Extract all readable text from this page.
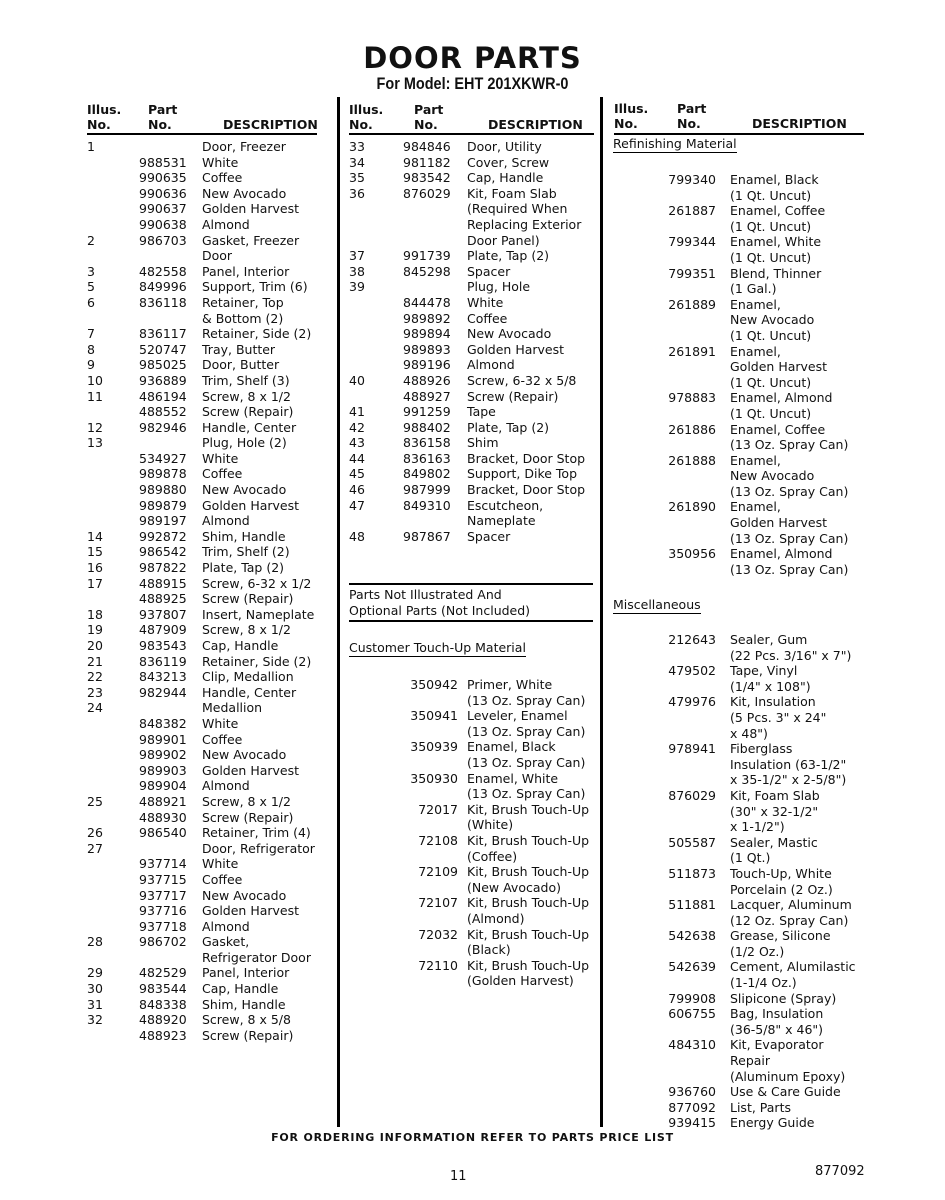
DOOR PARTS
For Model: EHT 201XKWR-0
Illus.
No.
Part
No.	DESCRIPTION
1	Door, Freezer
988531 White
990635 Coffee
990636 New Avocado
990637 Golden Harvest
990638 Almond
2	986703 Gasket, Freezer
Door
3	482558 Panel, Interior
5	849996 Support, Trim (6)
6	836118 Retainer, Top
& Bottom (2)
7	836117 Retainer, Side (2)
8	520747 Tray, Butter
9	985025 Door, Butter
10	936889 Trim, Shelf (3)
11	486194 Screw, 8 x 1/2
488552 Screw (Repair)
12	982946 Handle, Center
13	Plug, Hole (2)
534927 White
989878 Coffee
989880 New Avocado
989879 Golden Harvest
989197 Almond
14	992872 Shim, Handle
15	986542 Trim, Shelf (2)
16	987822 Plate, Tap (2)
17	488915 Screw, 6-32 x 1/2
488925 Screw (Repair)
18	937807 Insert, Nameplate
19	487909 Screw, 8 x 1/2
20	983543 Cap, Handle
21	836119 Retainer, Side (2)
22	843213 Clip, Medallion
23	982944 Handle, Center
24	Medallion
848382 White
989901 Coffee
989902 New Avocado
989903 Golden Harvest
989904 Almond
25	488921 Screw, 8 x 1/2
488930 Screw (Repair)
26	986540 Retainer, Trim (4)
27	Door, Refrigerator
937714 White
937715 Coffee
937717 New Avocado
937716 Golden Harvest
937718 Almond
28	986702 Gasket,
Refrigerator Door
29	482529 Panel, Interior
30	983544 Cap, Handle
31	848338 Shim, Handle
32	488920 Screw, 8 x 5/8
488923 Screw (Repair)
Illus.
No.
Part
No.	DESCRIPTION
33	984846 Door, Utility
34	981182 Cover, Screw
35	983542 Cap, Handle
36	876029 Kit, Foam Slab
(Required When
Replacing Exterior
Door Panel)
37	991739 Plate, Tap (2)
38	845298 Spacer
39	Plug, Hole
844478 White
989892 Coffee
989894 New Avocado
989893 Golden Harvest
989196 Almond
40	488926 Screw, 6-32 x 5/8
488927 Screw (Repair)
41	991259 Tape
42	988402 Plate, Tap (2)
43	836158 Shim
44	836163 Bracket, Door Stop
45	849802 Support, Dike Top
46	987999 Bracket, Door Stop
47	849310 Escutcheon,
Nameplate
48	987867 Spacer
Parts Not Illustrated And
Optional Parts (Not Included)
Customer Touch-Up Material
350942 Primer, White
(13 Oz. Spray Can)
350941 Leveler, Enamel
(13 Oz. Spray Can)
350939 Enamel, Black
(13 Oz. Spray Can)
350930 Enamel, White
(13 Oz. Spray Can)
72017 Kit, Brush Touch-Up
(White)
72108 Kit, Brush Touch-Up
(Coffee)
72109 Kit, Brush Touch-Up
(New Avocado)
72107 Kit, Brush Touch-Up
(Almond)
72032 Kit, Brush Touch-Up
(Black)
72110 Kit, Brush Touch-Up
(Golden Harvest)
Illus.
No.
Part
No.	DESCRIPTION
Refinishing Material
799340 Enamel, Black
(1 Qt. Uncut)
261887 Enamel, Coffee
(1 Qt. Uncut)
799344 Enamel, White
(1 Qt. Uncut)
799351 Blend, Thinner
(1 Gal.)
261889 Enamel,
New Avocado
(1 Qt. Uncut)
261891 Enamel,
Golden Harvest
(1 Qt. Uncut)
978883 Enamel, Almond
(1 Qt. Uncut)
261886 Enamel, Coffee
(13 Oz. Spray Can)
261888 Enamel,
New Avocado
(13 Oz. Spray Can)
261890 Enamel,
Golden Harvest
(13 Oz. Spray Can)
350956 Enamel, Almond
(13 Oz. Spray Can)
Miscellaneous
212643 Sealer, Gum
(22 Pcs. 3/16" x 7")
479502 Tape, Vinyl
(1/4" x 108")
479976 Kit, Insulation
(5 Pcs. 3" x 24"
x 48")
978941 Fiberglass
Insulation (63-1/2"
x 35-1/2" x 2-5/8")
876029 Kit, Foam Slab
(30" x 32-1/2"
x 1-1/2")
505587 Sealer, Mastic
(1 Qt.)
511873 Touch-Up, White
Porcelain (2 Oz.)
511881 Lacquer, Aluminum
(12 Oz. Spray Can)
542638 Grease, Silicone
(1/2 Oz.)
542639 Cement, Alumilastic
(1-1/4 Oz.)
799908 Slipicone (Spray)
606755 Bag, Insulation
(36-5/8" x 46")
484310 Kit, Evaporator
Repair
(Aluminum Epoxy)
936760 Use & Care Guide
877092 List, Parts
939415 Energy Guide
FOR ORDERING INFORMATION REFER TO PARTS PRICE LIST
11	877092
